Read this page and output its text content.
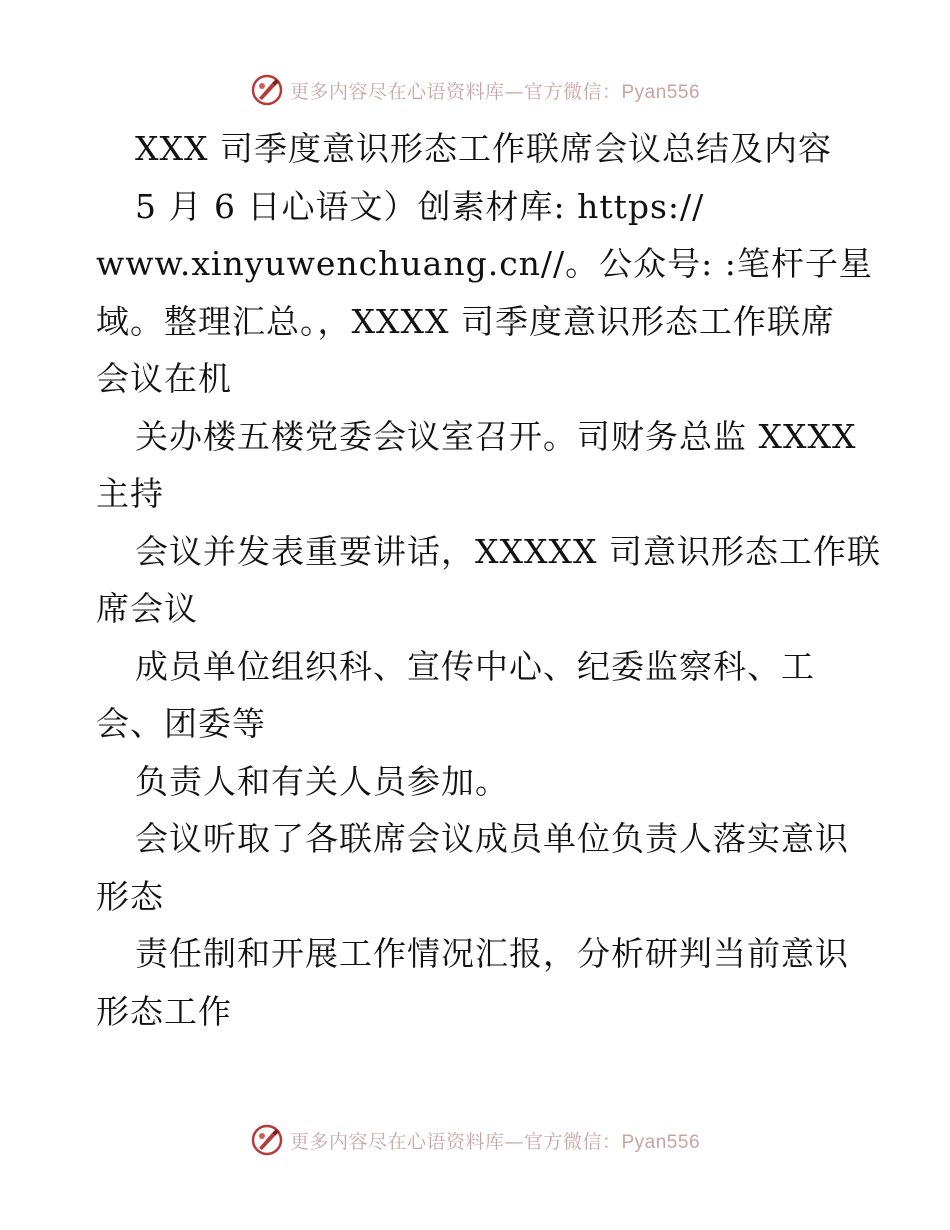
更多内容尽在心语资料库—官方微信：Pyan556
XXX 司季度意识形态工作联席会议总结及内容
5 月 6 日心语文）创素材库: https://
www.xinyuwenchuang.cn//。公众号: :笔杆子星
域。整理汇总。，XXXX 司季度意识形态工作联席
会议在机
关办楼五楼党委会议室召开。司财务总监 XXXX
主持
会议并发表重要讲话，XXXXX 司意识形态工作联
席会议
成员单位组织科、宣传中心、纪委监察科、工
会、团委等
负责人和有关人员参加。
会议听取了各联席会议成员单位负责人落实意识
形态
责任制和开展工作情况汇报，分析研判当前意识
形态工作
更多内容尽在心语资料库—官方微信：Pyan556
